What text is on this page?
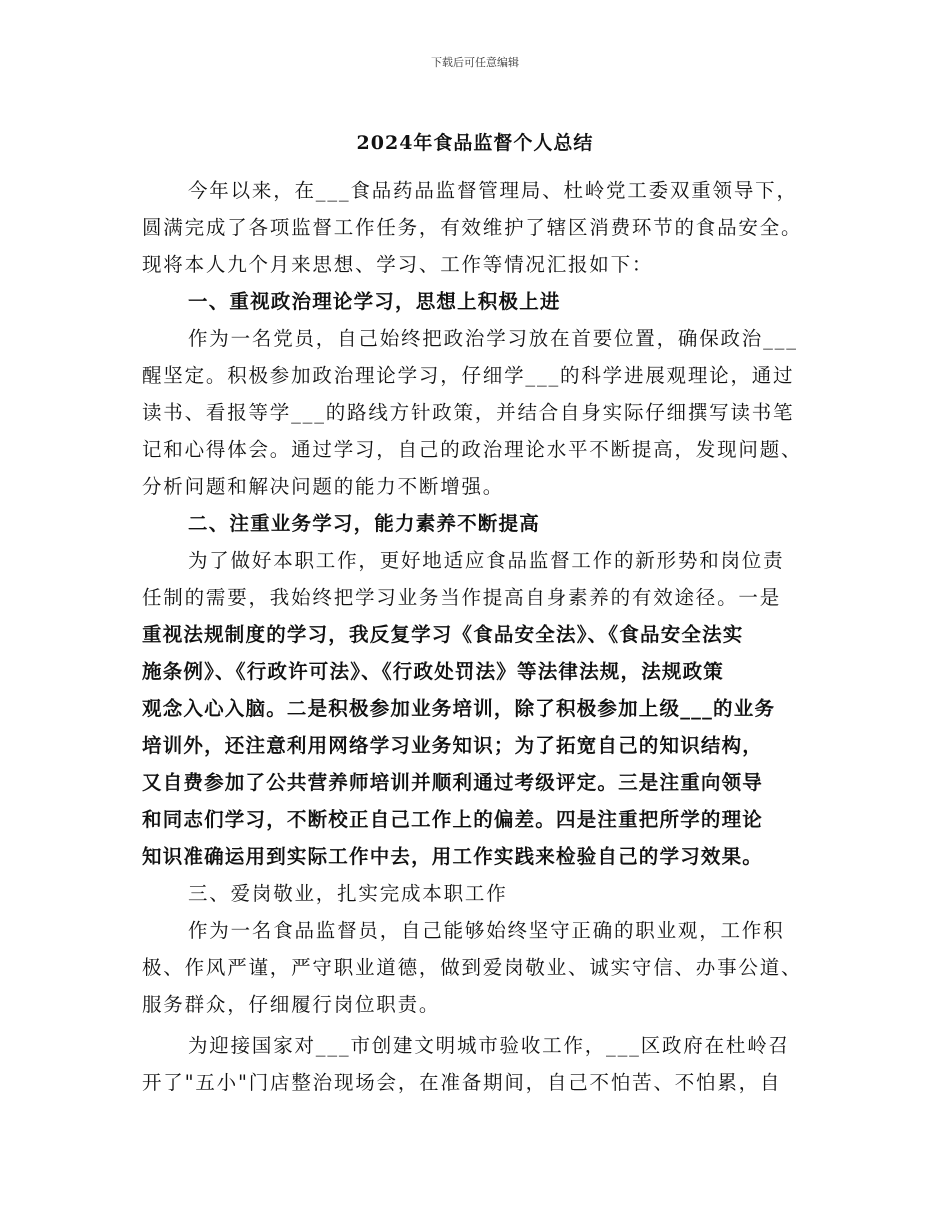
下载后可任意编辑
2024年食品监督个人总结
今年以来，在___食品药品监督管理局、杜岭党工委双重领导下，
圆满完成了各项监督工作任务，有效维护了辖区消费环节的食品安全。
现将本人九个月来思想、学习、工作等情况汇报如下：
一、重视政治理论学习，思想上积极上进
作为一名党员，自己始终把政治学习放在首要位置，确保政治___
醒坚定。积极参加政治理论学习，仔细学___的科学进展观理论，通过
读书、看报等学___的路线方针政策，并结合自身实际仔细撰写读书笔
记和心得体会。通过学习，自己的政治理论水平不断提高，发现问题、
分析问题和解决问题的能力不断增强。
二、注重业务学习，能力素养不断提高
为了做好本职工作，更好地适应食品监督工作的新形势和岗位责
任制的需要，我始终把学习业务当作提高自身素养的有效途径。一是
重视法规制度的学习，我反复学习《食品安全法》、《食品安全法实
施条例》、《行政许可法》、《行政处罚法》等法律法规，法规政策
观念入心入脑。二是积极参加业务培训，除了积极参加上级___的业务
培训外，还注意利用网络学习业务知识；为了拓宽自己的知识结构，
又自费参加了公共营养师培训并顺利通过考级评定。三是注重向领导
和同志们学习，不断校正自己工作上的偏差。四是注重把所学的理论
知识准确运用到实际工作中去，用工作实践来检验自己的学习效果。
三、爱岗敬业，扎实完成本职工作
作为一名食品监督员，自己能够始终坚守正确的职业观，工作积
极、作风严谨，严守职业道德，做到爱岗敬业、诚实守信、办事公道、
服务群众，仔细履行岗位职责。
为迎接国家对___市创建文明城市验收工作，___区政府在杜岭召
开了"五小"门店整治现场会，在准备期间，自己不怕苦、不怕累，自
